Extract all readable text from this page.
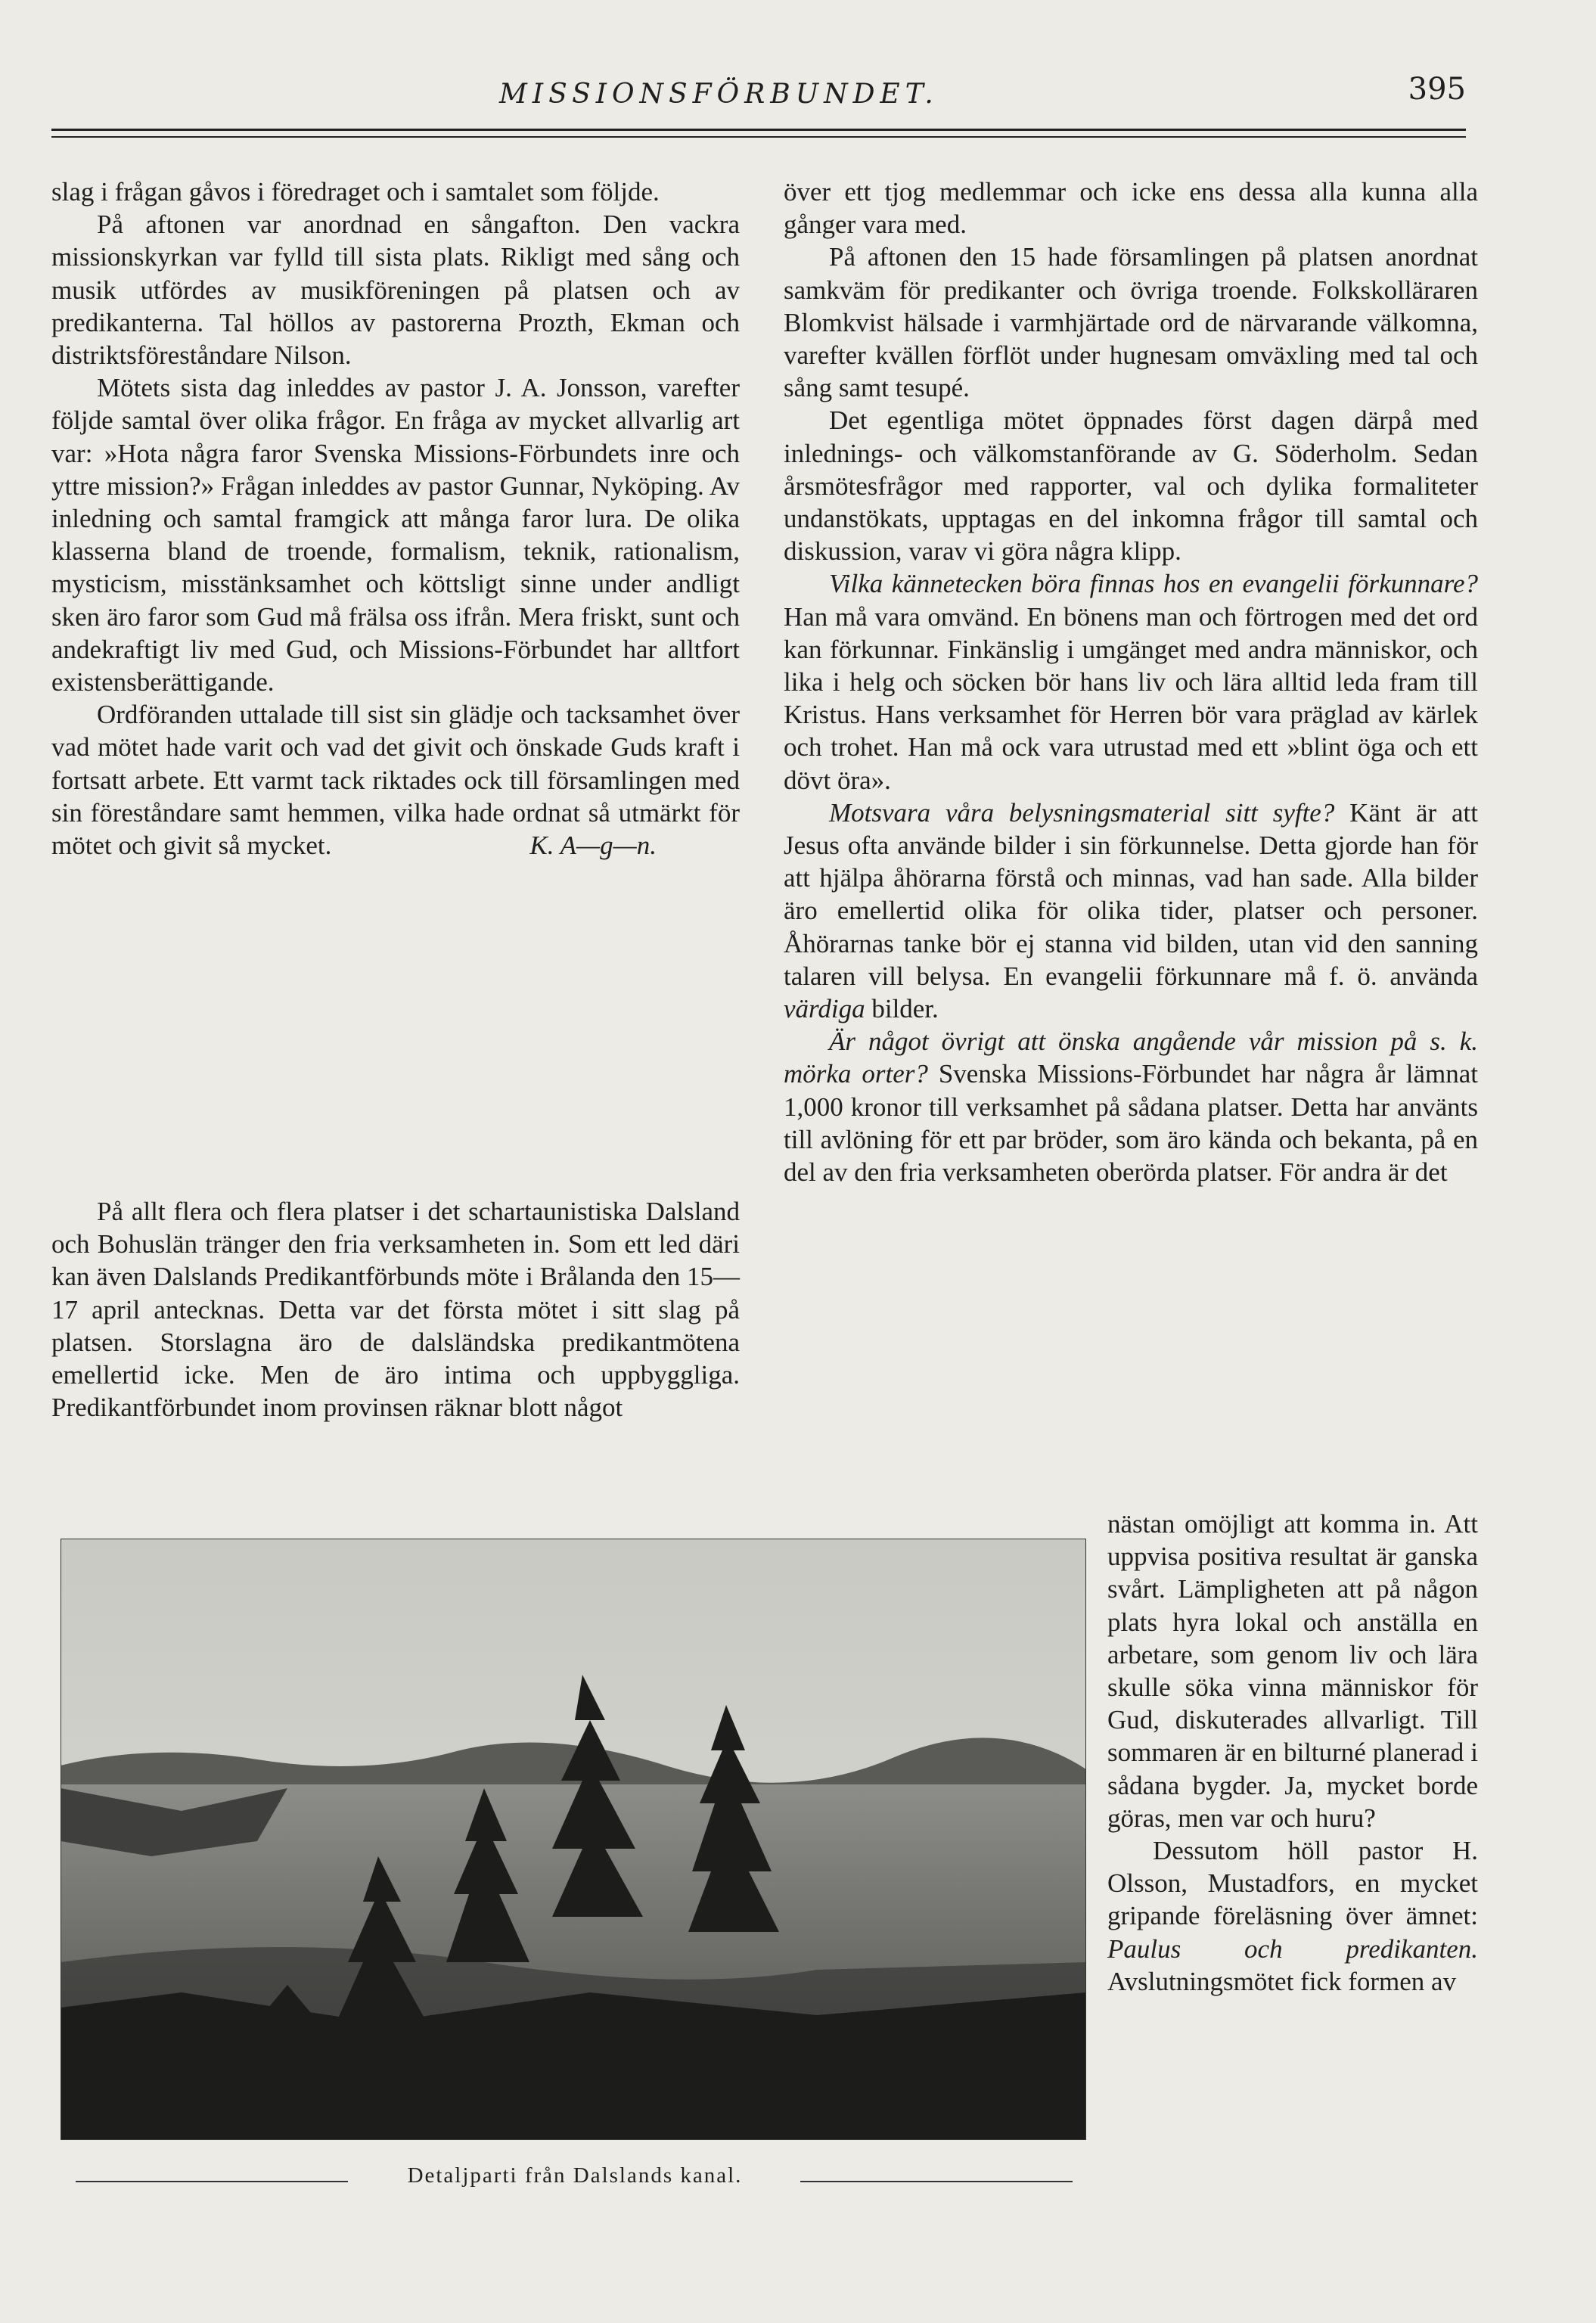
MISSIONSFÖRBUNDET.	395

slag i frågan gåvos i föredraget och i samtalet som följde.

På aftonen var anordnad en sångafton. Den vackra missionskyrkan var fylld till sista plats. Rikligt med sång och musik utfördes av musikföreningen på platsen och av predikanterna. Tal höllos av pastorerna Prozth, Ekman och distriktsföreståndare Nilson.

Mötets sista dag inleddes av pastor J. A. Jonsson, varefter följde samtal över olika frågor. En fråga av mycket allvarlig art var: »Hota några faror Svenska Missions-Förbundets inre och yttre mission?» Frågan inleddes av pastor Gunnar, Nyköping. Av inledning och samtal framgick att många faror lura. De olika klasserna bland de troende, formalism, teknik, rationalism, mysticism, misstänksamhet och köttsligt sinne under andligt sken äro faror som Gud må frälsa oss ifrån. Mera friskt, sunt och andekraftigt liv med Gud, och Missions-Förbundet har alltfort existensberättigande.

Ordföranden uttalade till sist sin glädje och tacksamhet över vad mötet hade varit och vad det givit och önskade Guds kraft i fortsatt arbete. Ett varmt tack riktades ock till församlingen med sin föreståndare samt hemmen, vilka hade ordnat så utmärkt för mötet och givit så mycket.	K. A—g—n.

På allt flera och flera platser i det schartaunistiska Dalsland och Bohuslän tränger den fria verksamheten in. Som ett led däri kan även Dalslands Predikantförbunds möte i Brålanda den 15—17 april antecknas. Detta var det första mötet i sitt slag på platsen. Storslagna äro de dalsländska predikantmötena emellertid icke. Men de äro intima och uppbyggliga. Predikantförbundet inom provinsen räknar blott något

över ett tjog medlemmar och icke ens dessa alla kunna alla gånger vara med.

På aftonen den 15 hade församlingen på platsen anordnat samkväm för predikanter och övriga troende. Folkskolläraren Blomkvist hälsade i varmhjärtade ord de närvarande välkomna, varefter kvällen förflöt under hugnesam omväxling med tal och sång samt tesupé.

Det egentliga mötet öppnades först dagen därpå med inlednings- och välkomstanförande av G. Söderholm. Sedan årsmötesfrågor med rapporter, val och dylika formaliteter undanstökats, upptagas en del inkomna frågor till samtal och diskussion, varav vi göra några klipp.

Vilka kännetecken böra finnas hos en evangelii förkunnare? Han må vara omvänd. En bönens man och förtrogen med det ord kan förkunnar. Finkänslig i umgänget med andra människor, och lika i helg och söcken bör hans liv och lära alltid leda fram till Kristus. Hans verksamhet för Herren bör vara präglad av kärlek och trohet. Han må ock vara utrustad med ett »blint öga och ett dövt öra».

Motsvara våra belysningsmaterial sitt syfte? Känt är att Jesus ofta använde bilder i sin förkunnelse. Detta gjorde han för att hjälpa åhörarna förstå och minnas, vad han sade. Alla bilder äro emellertid olika för olika tider, platser och personer. Åhörarnas tanke bör ej stanna vid bilden, utan vid den sanning talaren vill belysa. En evangelii förkunnare må f. ö. använda värdiga bilder.

Är något övrigt att önska angående vår mission på s. k. mörka orter? Svenska Missions-Förbundet har några år lämnat 1,000 kronor till verksamhet på sådana platser. Detta har använts till avlöning för ett par bröder, som äro kända och bekanta, på en del av den fria verksamheten oberörda platser. För andra är det

nästan omöjligt att komma in. Att uppvisa positiva resultat är ganska svårt. Lämpligheten att på någon plats hyra lokal och anställa en arbetare, som genom liv och lära skulle söka vinna människor för Gud, diskuterades allvarligt. Till sommaren är en bilturné planerad i sådana bygder. Ja, mycket borde göras, men var och huru?

Dessutom höll pastor H. Olsson, Mustadfors, en mycket gripande föreläsning över ämnet: Paulus och predikanten. Avslutningsmötet fick formen av

Detaljparti från Dalslands kanal.
